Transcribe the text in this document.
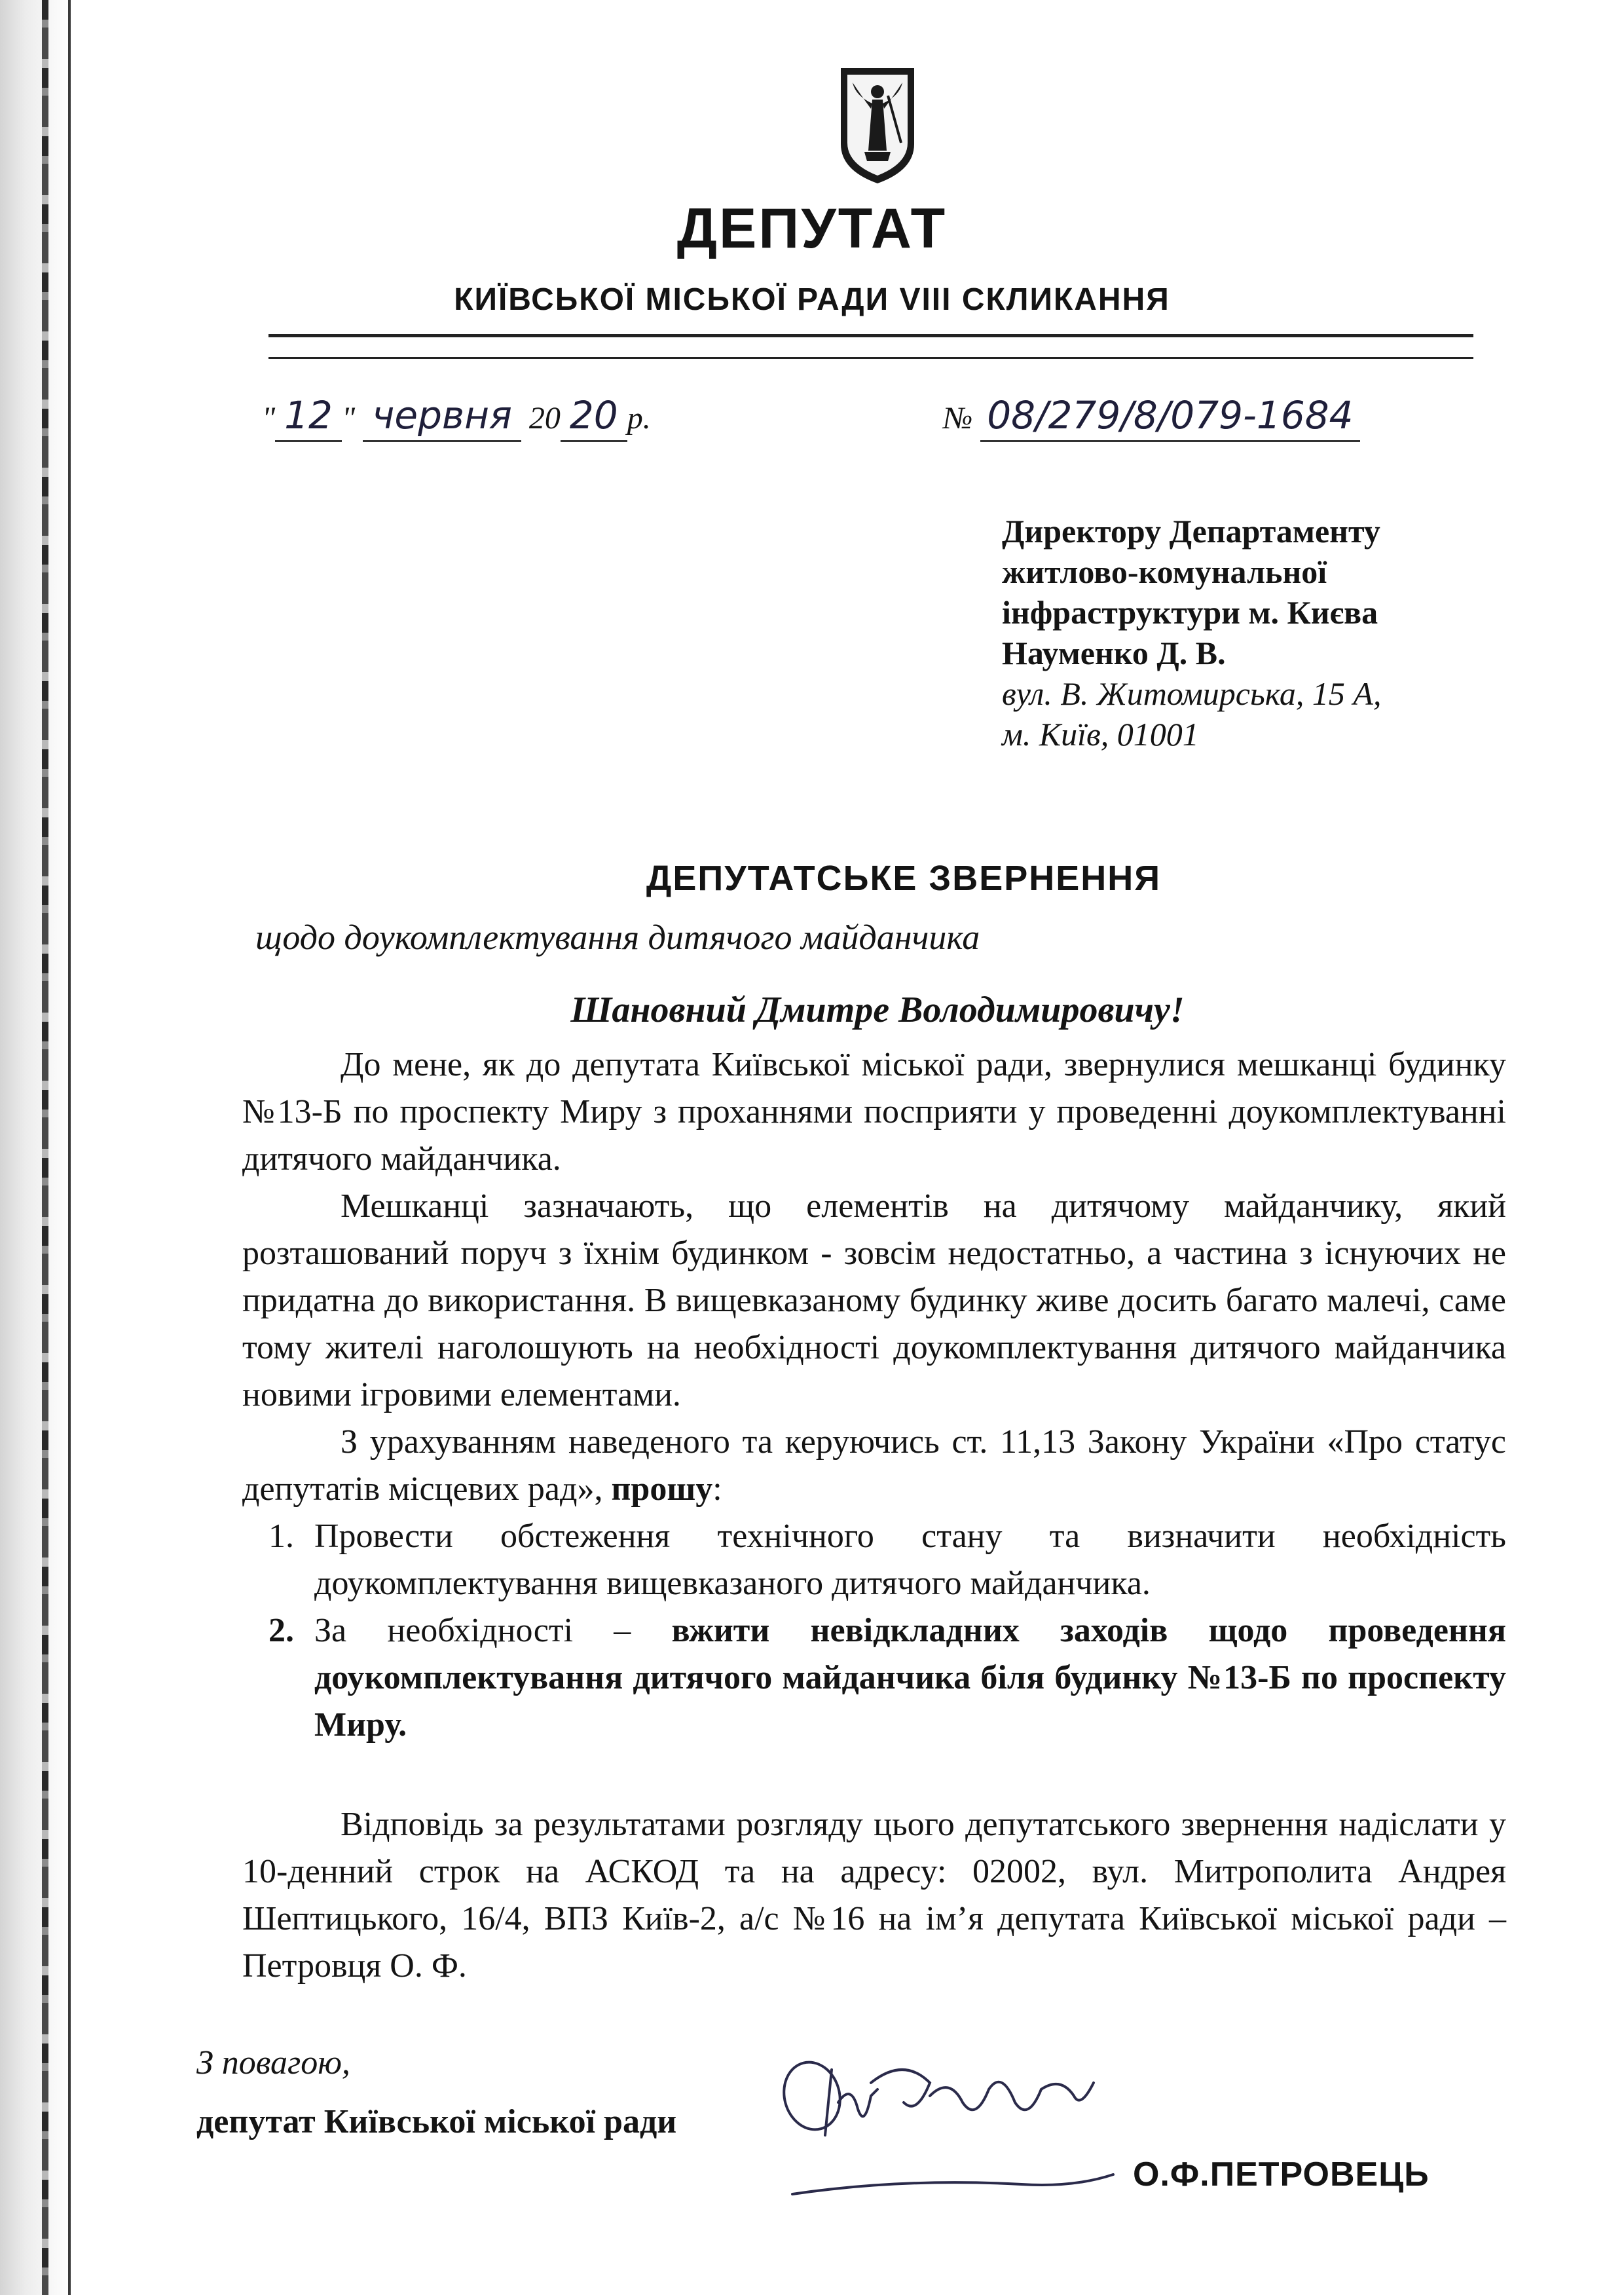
ДЕПУТАТ
КИЇВСЬКОЇ МІСЬКОЇ РАДИ VIII СКЛИКАННЯ
" 12 " червня 20 20 р.	№ 08/279/8/079-1684
Директору Департаменту
житлово-комунальної
інфраструктури м. Києва
Науменко Д. В.
вул. В. Житомирська, 15 А,
м. Київ, 01001
ДЕПУТАТСЬКЕ ЗВЕРНЕННЯ
щодо доукомплектування дитячого майданчика
Шановний Дмитре Володимировичу!

До мене, як до депутата Київської міської ради, звернулися мешканці будинку №13-Б по проспекту Миру з проханнями посприяти у проведенні доукомплектуванні дитячого майданчика.

Мешканці зазначають, що елементів на дитячому майданчику, який розташований поруч з їхнім будинком - зовсім недостатньо, а частина з існуючих не придатна до використання. В вищевказаному будинку живе досить багато малечі, саме тому жителі наголошують на необхідності доукомплектування дитячого майданчика новими ігровими елементами.

З урахуванням наведеного та керуючись ст. 11,13 Закону України «Про статус депутатів місцевих рад», прошу:

1. Провести обстеження технічного стану та визначити необхідність доукомплектування вищевказаного дитячого майданчика.
2. За необхідності – вжити невідкладних заходів щодо проведення доукомплектування дитячого майданчика біля будинку №13-Б по проспекту Миру.
Відповідь за результатами розгляду цього депутатського звернення надіслати у 10-денний строк на АСКОД та на адресу: 02002, вул. Митрополита Андрея Шептицького, 16/4, ВПЗ Київ-2, а/с №16 на ім’я депутата Київської міської ради – Петровця О. Ф.
З повагою,
депутат Київської міської ради
О.Ф.ПЕТРОВЕЦЬ
